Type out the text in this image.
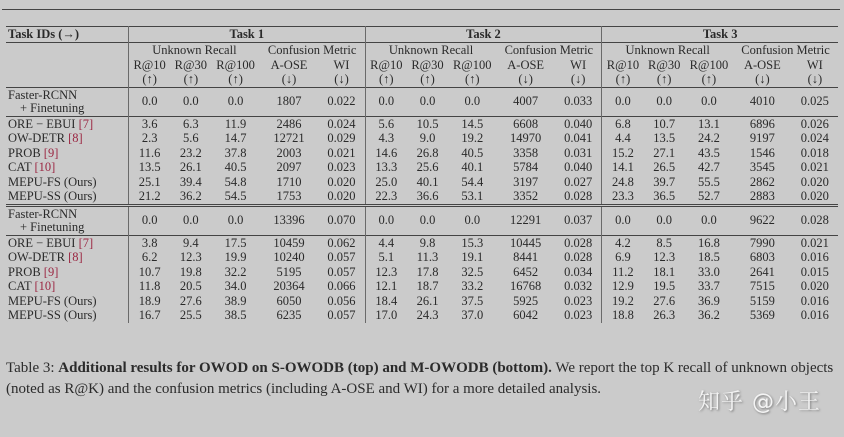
Task IDs (→)	Task 1					Task 2					Task 3				
	Unknown Recall			Confusion Metric		Unknown Recall			Confusion Metric		Unknown Recall			Confusion Metric	
	R@10	R@30	R@100	A-OSE	WI	R@10	R@30	R@100	A-OSE	WI	R@10	R@30	R@100	A-OSE	WI
	(↑)	(↑)	(↑)	(↓)	(↓)	(↑)	(↑)	(↑)	(↓)	(↓)	(↑)	(↑)	(↑)	(↓)	(↓)
Faster-RCNN
+ Finetuning	0.0	0.0	0.0	1807	0.022	0.0	0.0	0.0	4007	0.033	0.0	0.0	0.0	4010	0.025
ORE − EBUI [7]	3.6	6.3	11.9	2486	0.024	5.6	10.5	14.5	6608	0.040	6.8	10.7	13.1	6896	0.026
OW-DETR [8]	2.3	5.6	14.7	12721	0.029	4.3	9.0	19.2	14970	0.041	4.4	13.5	24.2	9197	0.024
PROB [9]	11.6	23.2	37.8	2003	0.021	14.6	26.8	40.5	3358	0.031	15.2	27.1	43.5	1546	0.018
CAT [10]	13.5	26.1	40.5	2097	0.023	13.3	25.6	40.1	5784	0.040	14.1	26.5	42.7	3545	0.021
MEPU-FS (Ours)	25.1	39.4	54.8	1710	0.020	25.0	40.1	54.4	3197	0.027	24.8	39.7	55.5	2862	0.020
MEPU-SS (Ours)	21.2	36.2	54.5	1753	0.020	22.3	36.6	53.1	3352	0.028	23.3	36.5	52.7	2883	0.020

Faster-RCNN
+ Finetuning	0.0	0.0	0.0	13396	0.070	0.0	0.0	0.0	12291	0.037	0.0	0.0	0.0	9622	0.028
ORE − EBUI [7]	3.8	9.4	17.5	10459	0.062	4.4	9.8	15.3	10445	0.028	4.2	8.5	16.8	7990	0.021
OW-DETR [8]	6.2	12.3	19.9	10240	0.057	5.1	11.3	19.1	8441	0.028	6.9	12.3	18.5	6803	0.016
PROB [9]	10.7	19.8	32.2	5195	0.057	12.3	17.8	32.5	6452	0.034	11.2	18.1	33.0	2641	0.015
CAT [10]	11.8	20.5	34.0	20364	0.066	12.1	18.7	33.2	16768	0.032	12.9	19.5	33.7	7515	0.020
MEPU-FS (Ours)	18.9	27.6	38.9	6050	0.056	18.4	26.1	37.5	5925	0.023	19.2	27.6	36.9	5159	0.016
MEPU-SS (Ours)	16.7	25.5	38.5	6235	0.057	17.0	24.3	37.0	6042	0.023	18.8	26.3	36.2	5369	0.016
Table 3: Additional results for OWOD on S-OWODB (top) and M-OWODB (bottom). We report the top K recall of unknown objects (noted as R@K) and the confusion metrics (including A-OSE and WI) for a more detailed analysis.
知乎 @小王
